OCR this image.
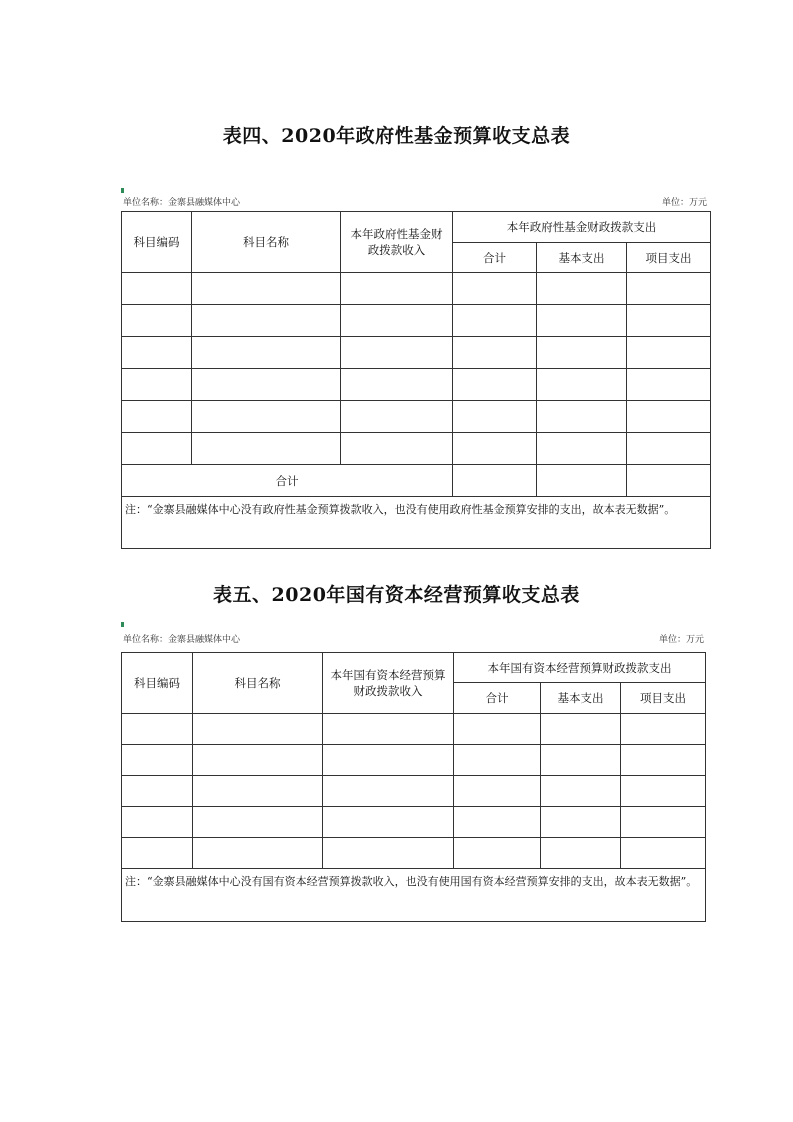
表四、2020年政府性基金预算收支总表
单位名称：金寨县融媒体中心	单位：万元
科目编码	科目名称	本年政府性基金财政拨款收入	本年政府性基金财政拨款支出		
			合计	基本支出	项目支出

合计					
注：“金寨县融媒体中心没有政府性基金预算拨款收入，也没有使用政府性基金预算安排的支出，故本表无数据”。					
表五、2020年国有资本经营预算收支总表
单位名称：金寨县融媒体中心	单位：万元
科目编码	科目名称	本年国有资本经营预算财政拨款收入	本年国有资本经营预算财政拨款支出		
			合计	基本支出	项目支出

注：“金寨县融媒体中心没有国有资本经营预算拨款收入，也没有使用国有资本经营预算安排的支出，故本表无数据”。					
